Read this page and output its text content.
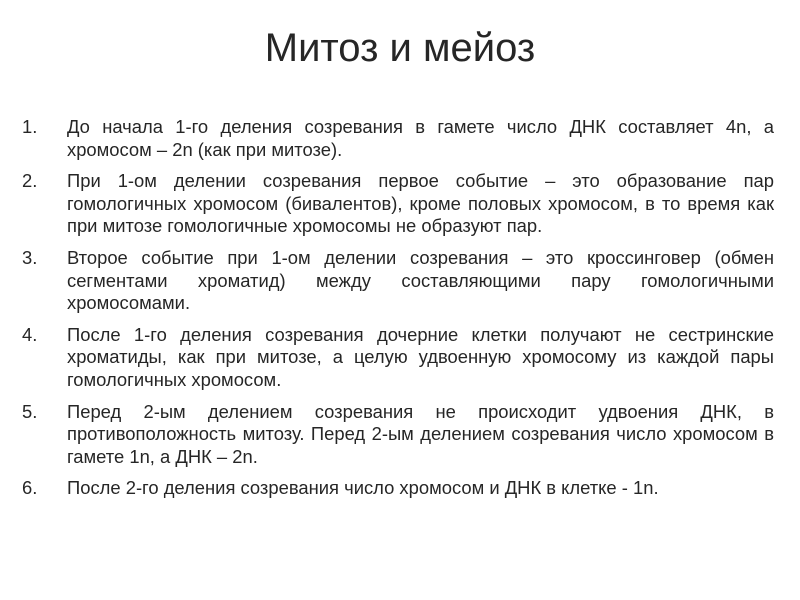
Митоз и мейоз
1.	До начала 1-го деления созревания в гамете число ДНК составляет 4n, а хромосом – 2n (как при митозе).
2.	При 1-ом делении созревания первое событие – это образование пар гомологичных хромосом (бивалентов), кроме половых хромосом, в то время как при митозе гомологичные хромосомы не образуют пар.
3.	Второе событие при 1-ом делении созревания – это кроссинговер (обмен сегментами хроматид) между составляющими пару гомологичными хромосомами.
4.	После 1-го деления созревания дочерние клетки получают не сестринские хроматиды, как при митозе, а целую удвоенную хромосому из каждой пары гомологичных хромосом.
5.	Перед 2-ым делением созревания не происходит удвоения ДНК, в противоположность митозу. Перед 2-ым делением созревания число хромосом в гамете 1n, а ДНК – 2n.
6.	После 2-го деления созревания число хромосом и ДНК в клетке - 1n.
